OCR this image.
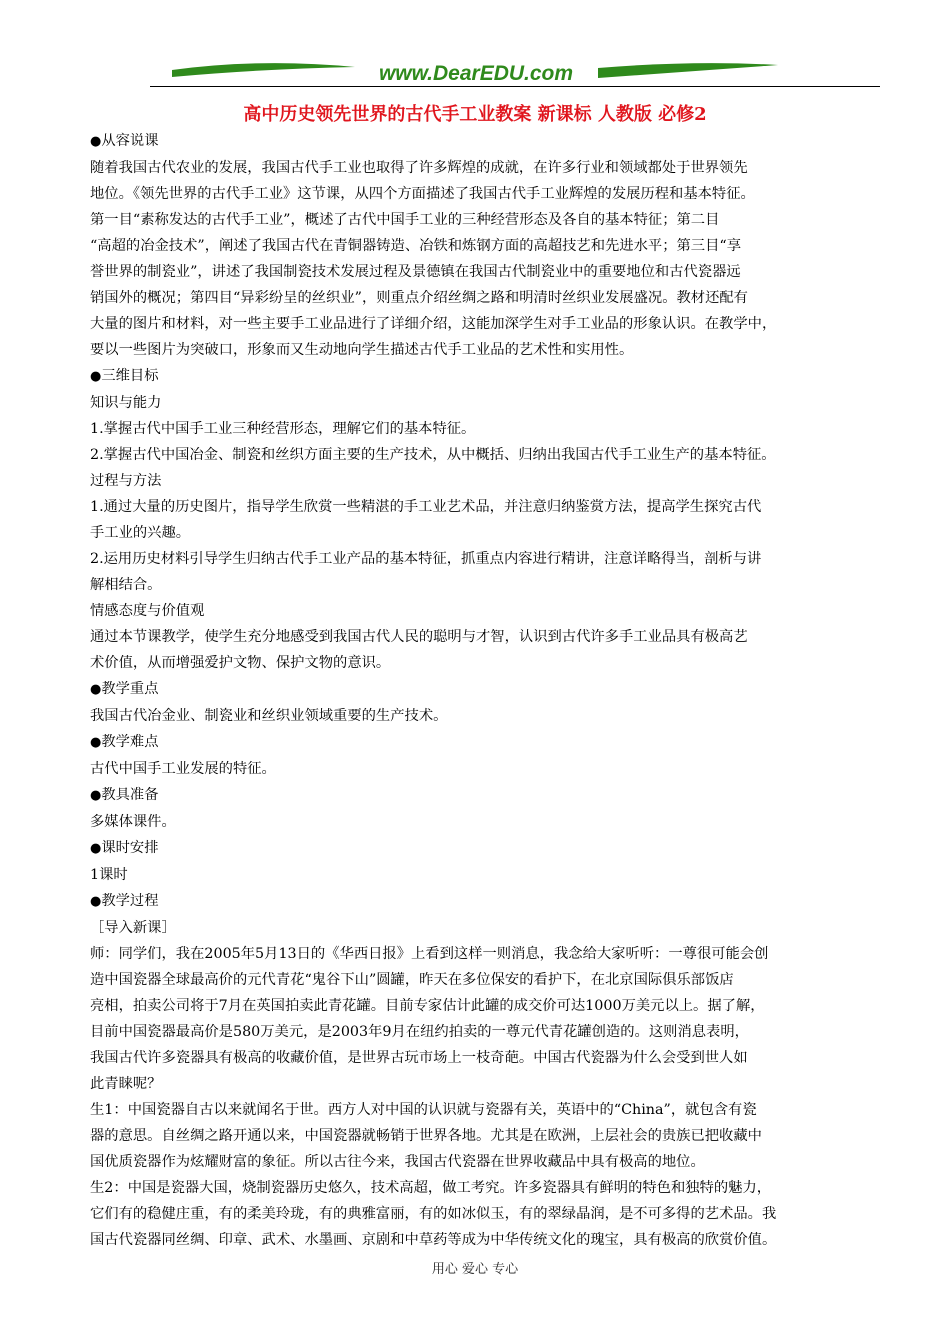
www.DearEDU.com
高中历史领先世界的古代手工业教案 新课标 人教版 必修2

●从容说课

随着我国古代农业的发展，我国古代手工业也取得了许多辉煌的成就，在许多行业和领域都处于世界领先

地位。《领先世界的古代手工业》这节课，从四个方面描述了我国古代手工业辉煌的发展历程和基本特征。

第一目“素称发达的古代手工业”，概述了古代中国手工业的三种经营形态及各自的基本特征；第二目

“高超的冶金技术”，阐述了我国古代在青铜器铸造、冶铁和炼钢方面的高超技艺和先进水平；第三目“享

誉世界的制瓷业”，讲述了我国制瓷技术发展过程及景德镇在我国古代制瓷业中的重要地位和古代瓷器远

销国外的概况；第四目“异彩纷呈的丝织业”，则重点介绍丝绸之路和明清时丝织业发展盛况。教材还配有

大量的图片和材料，对一些主要手工业品进行了详细介绍，这能加深学生对手工业品的形象认识。在教学中，

要以一些图片为突破口，形象而又生动地向学生描述古代手工业品的艺术性和实用性。

●三维目标

知识与能力

1.掌握古代中国手工业三种经营形态，理解它们的基本特征。

2.掌握古代中国冶金、制瓷和丝织方面主要的生产技术，从中概括、归纳出我国古代手工业生产的基本特征。

过程与方法

1.通过大量的历史图片，指导学生欣赏一些精湛的手工业艺术品，并注意归纳鉴赏方法，提高学生探究古代

手工业的兴趣。

2.运用历史材料引导学生归纳古代手工业产品的基本特征，抓重点内容进行精讲，注意详略得当，剖析与讲

解相结合。

情感态度与价值观

通过本节课教学，使学生充分地感受到我国古代人民的聪明与才智，认识到古代许多手工业品具有极高艺

术价值，从而增强爱护文物、保护文物的意识。

●教学重点

我国古代冶金业、制瓷业和丝织业领域重要的生产技术。

●教学难点

古代中国手工业发展的特征。

●教具准备

多媒体课件。

●课时安排

1课时

●教学过程

［导入新课］

师：同学们，我在2005年5月13日的《华西日报》上看到这样一则消息，我念给大家听听：一尊很可能会创

造中国瓷器全球最高价的元代青花“鬼谷下山”圆罐，昨天在多位保安的看护下，在北京国际俱乐部饭店

亮相，拍卖公司将于7月在英国拍卖此青花罐。目前专家估计此罐的成交价可达1000万美元以上。据了解，

目前中国瓷器最高价是580万美元，是2003年9月在纽约拍卖的一尊元代青花罐创造的。这则消息表明，

我国古代许多瓷器具有极高的收藏价值，是世界古玩市场上一枝奇葩。中国古代瓷器为什么会受到世人如

此青睐呢？

生1：中国瓷器自古以来就闻名于世。西方人对中国的认识就与瓷器有关，英语中的“China”，就包含有瓷

器的意思。自丝绸之路开通以来，中国瓷器就畅销于世界各地。尤其是在欧洲，上层社会的贵族已把收藏中

国优质瓷器作为炫耀财富的象征。所以古往今来，我国古代瓷器在世界收藏品中具有极高的地位。

生2：中国是瓷器大国，烧制瓷器历史悠久，技术高超，做工考究。许多瓷器具有鲜明的特色和独特的魅力，

它们有的稳健庄重，有的柔美玲珑，有的典雅富丽，有的如冰似玉，有的翠绿晶润，是不可多得的艺术品。我

国古代瓷器同丝绸、印章、武术、水墨画、京剧和中草药等成为中华传统文化的瑰宝，具有极高的欣赏价值。

用心 爱心 专心
